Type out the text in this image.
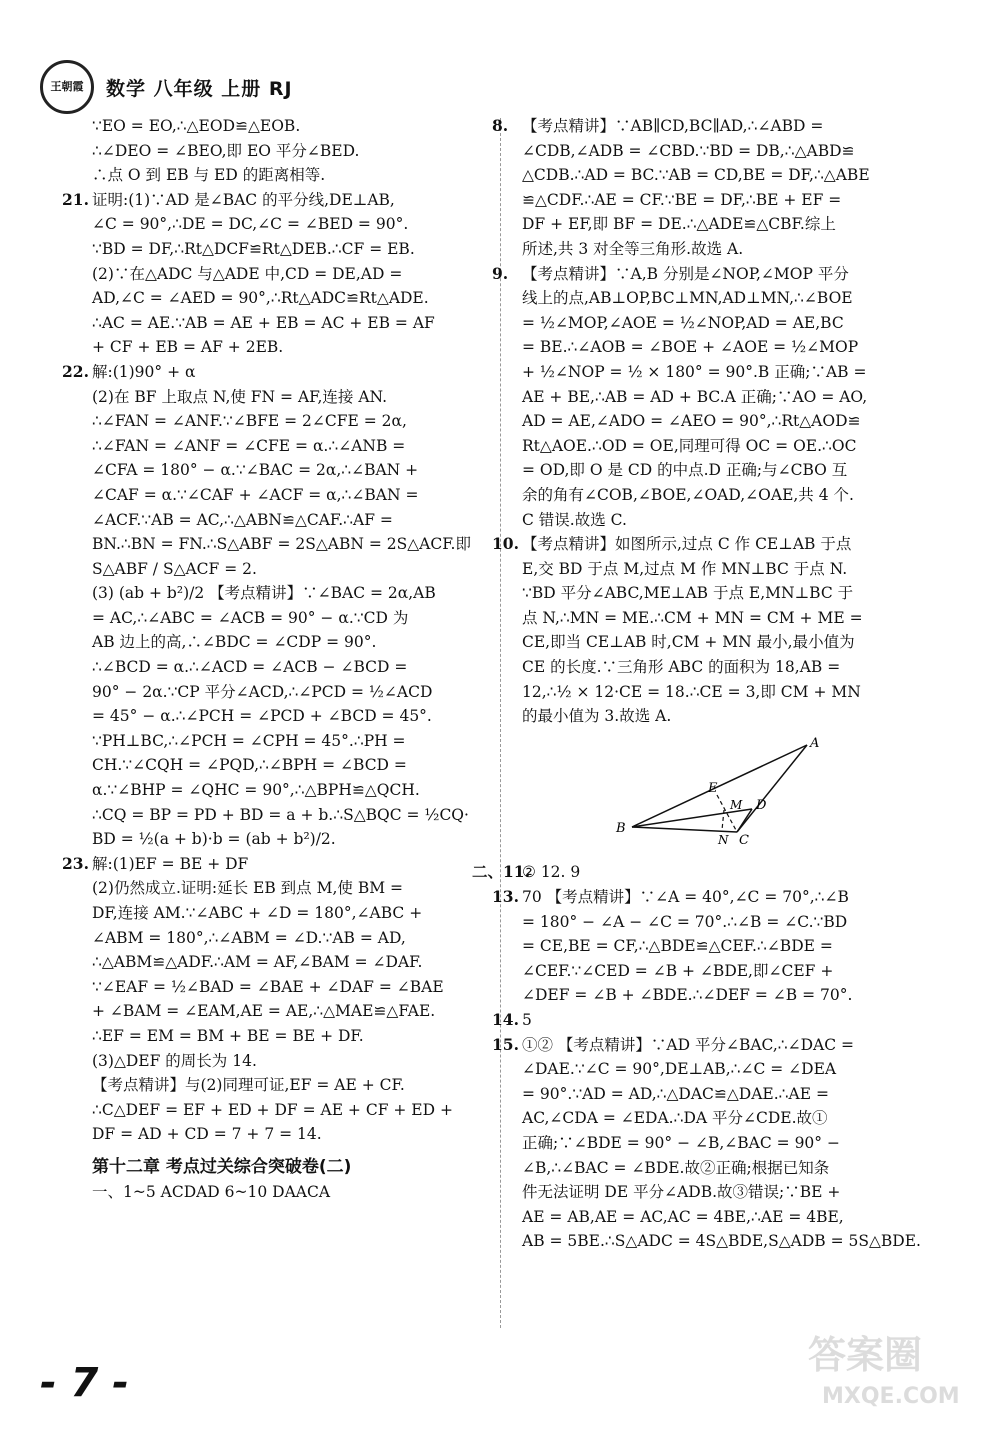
王朝霞 数学 八年级 上册 RJ
∵EO = EO,∴△EOD≌△EOB.
∴∠DEO = ∠BEO,即 EO 平分∠BED.
∴点 O 到 EB 与 ED 的距离相等.
21. 证明:(1)∵AD 是∠BAC 的平分线,DE⊥AB,
∠C = 90°,∴DE = DC,∠C = ∠BED = 90°.
∵BD = DF,∴Rt△DCF≌Rt△DEB.∴CF = EB.
(2)∵在△ADC 与△ADE 中,CD = DE,AD =
AD,∠C = ∠AED = 90°,∴Rt△ADC≌Rt△ADE.
∴AC = AE.∵AB = AE + EB = AC + EB = AF
+ CF + EB = AF + 2EB.
22. 解:(1)90° + α
(2)在 BF 上取点 N,使 FN = AF,连接 AN.
∴∠FAN = ∠ANF.∵∠BFE = 2∠CFE = 2α,
∴∠FAN = ∠ANF = ∠CFE = α.∴∠ANB =
∠CFA = 180° − α.∵∠BAC = 2α,∴∠BAN +
∠CAF = α.∵∠CAF + ∠ACF = α,∴∠BAN =
∠ACF.∵AB = AC,∴△ABN≌△CAF.∴AF =
BN.∴BN = FN.∴S△ABF = 2S△ABN = 2S△ACF.即
S△ABF / S△ACF = 2.
(3) (ab + b²)/2 【考点精讲】∵∠BAC = 2α,AB
= AC,∴∠ABC = ∠ACB = 90° − α.∵CD 为
AB 边上的高,∴∠BDC = ∠CDP = 90°.
∴∠BCD = α.∴∠ACD = ∠ACB − ∠BCD =
90° − 2α.∵CP 平分∠ACD,∴∠PCD = ½∠ACD
= 45° − α.∴∠PCH = ∠PCD + ∠BCD = 45°.
∵PH⊥BC,∴∠PCH = ∠CPH = 45°.∴PH =
CH.∵∠CQH = ∠PQD,∴∠BPH = ∠BCD =
α.∵∠BHP = ∠QHC = 90°,∴△BPH≌△QCH.
∴CQ = BP = PD + BD = a + b.∴S△BQC = ½CQ·
BD = ½(a + b)·b = (ab + b²)/2.
23. 解:(1)EF = BE + DF
(2)仍然成立.证明:延长 EB 到点 M,使 BM =
DF,连接 AM.∵∠ABC + ∠D = 180°,∠ABC +
∠ABM = 180°,∴∠ABM = ∠D.∵AB = AD,
∴△ABM≌△ADF.∴AM = AF,∠BAM = ∠DAF.
∵∠EAF = ½∠BAD = ∠BAE + ∠DAF = ∠BAE
+ ∠BAM = ∠EAM,AE = AE,∴△MAE≌△FAE.
∴EF = EM = BM + BE = BE + DF.
(3)△DEF 的周长为 14.
【考点精讲】与(2)同理可证,EF = AE + CF.
∴C△DEF = EF + ED + DF = AE + CF + ED +
DF = AD + CD = 7 + 7 = 14.
第十二章 考点过关综合突破卷(二)
一、1~5 ACDAD 6~10 DAACA
8. 【考点精讲】∵AB∥CD,BC∥AD,∴∠ABD =
∠CDB,∠ADB = ∠CBD.∵BD = DB,∴△ABD≌
△CDB.∴AD = BC.∵AB = CD,BE = DF,∴△ABE
≌△CDF.∴AE = CF.∵BE = DF,∴BE + EF =
DF + EF,即 BF = DE.∴△ADE≌△CBF.综上
所述,共 3 对全等三角形.故选 A.
9. 【考点精讲】∵A,B 分别是∠NOP,∠MOP 平分
线上的点,AB⊥OP,BC⊥MN,AD⊥MN,∴∠BOE
= ½∠MOP,∠AOE = ½∠NOP,AD = AE,BC
= BE.∴∠AOB = ∠BOE + ∠AOE = ½∠MOP
+ ½∠NOP = ½ × 180° = 90°.B 正确;∵AB =
AE + BE,∴AB = AD + BC.A 正确;∵AO = AO,
AD = AE,∠ADO = ∠AEO = 90°,∴Rt△AOD≌
Rt△AOE.∴OD = OE,同理可得 OC = OE.∴OC
= OD,即 O 是 CD 的中点.D 正确;与∠CBO 互
余的角有∠COB,∠BOE,∠OAD,∠OAE,共 4 个.
C 错误.故选 C.
10. 【考点精讲】如图所示,过点 C 作 CE⊥AB 于点
E,交 BD 于点 M,过点 M 作 MN⊥BC 于点 N.
∵BD 平分∠ABC,ME⊥AB 于点 E,MN⊥BC 于
点 N,∴MN = ME.∴CM + MN = CM + ME =
CE,即当 CE⊥AB 时,CM + MN 最小,最小值为
CE 的长度.∵三角形 ABC 的面积为 18,AB =
12,∴½ × 12·CE = 18.∴CE = 3,即 CM + MN
的最小值为 3.故选 A.
A
B
C
D
E
M
N
二、11.② 12. 9
13. 70 【考点精讲】∵∠A = 40°,∠C = 70°,∴∠B
= 180° − ∠A − ∠C = 70°.∴∠B = ∠C.∵BD
= CE,BE = CF,∴△BDE≌△CEF.∴∠BDE =
∠CEF.∵∠CED = ∠B + ∠BDE,即∠CEF +
∠DEF = ∠B + ∠BDE.∴∠DEF = ∠B = 70°.
14. 5
15. ①② 【考点精讲】∵AD 平分∠BAC,∴∠DAC =
∠DAE.∵∠C = 90°,DE⊥AB,∴∠C = ∠DEA
= 90°.∵AD = AD,∴△DAC≌△DAE.∴AE =
AC,∠CDA = ∠EDA.∴DA 平分∠CDE.故①
正确;∵∠BDE = 90° − ∠B,∠BAC = 90° −
∠B,∴∠BAC = ∠BDE.故②正确;根据已知条
件无法证明 DE 平分∠ADB.故③错误;∵BE +
AE = AB,AE = AC,AC = 4BE,∴AE = 4BE,
AB = 5BE.∴S△ADC = 4S△BDE,S△ADB = 5S△BDE.
- 7 -
答案圈
MXQE.COM
